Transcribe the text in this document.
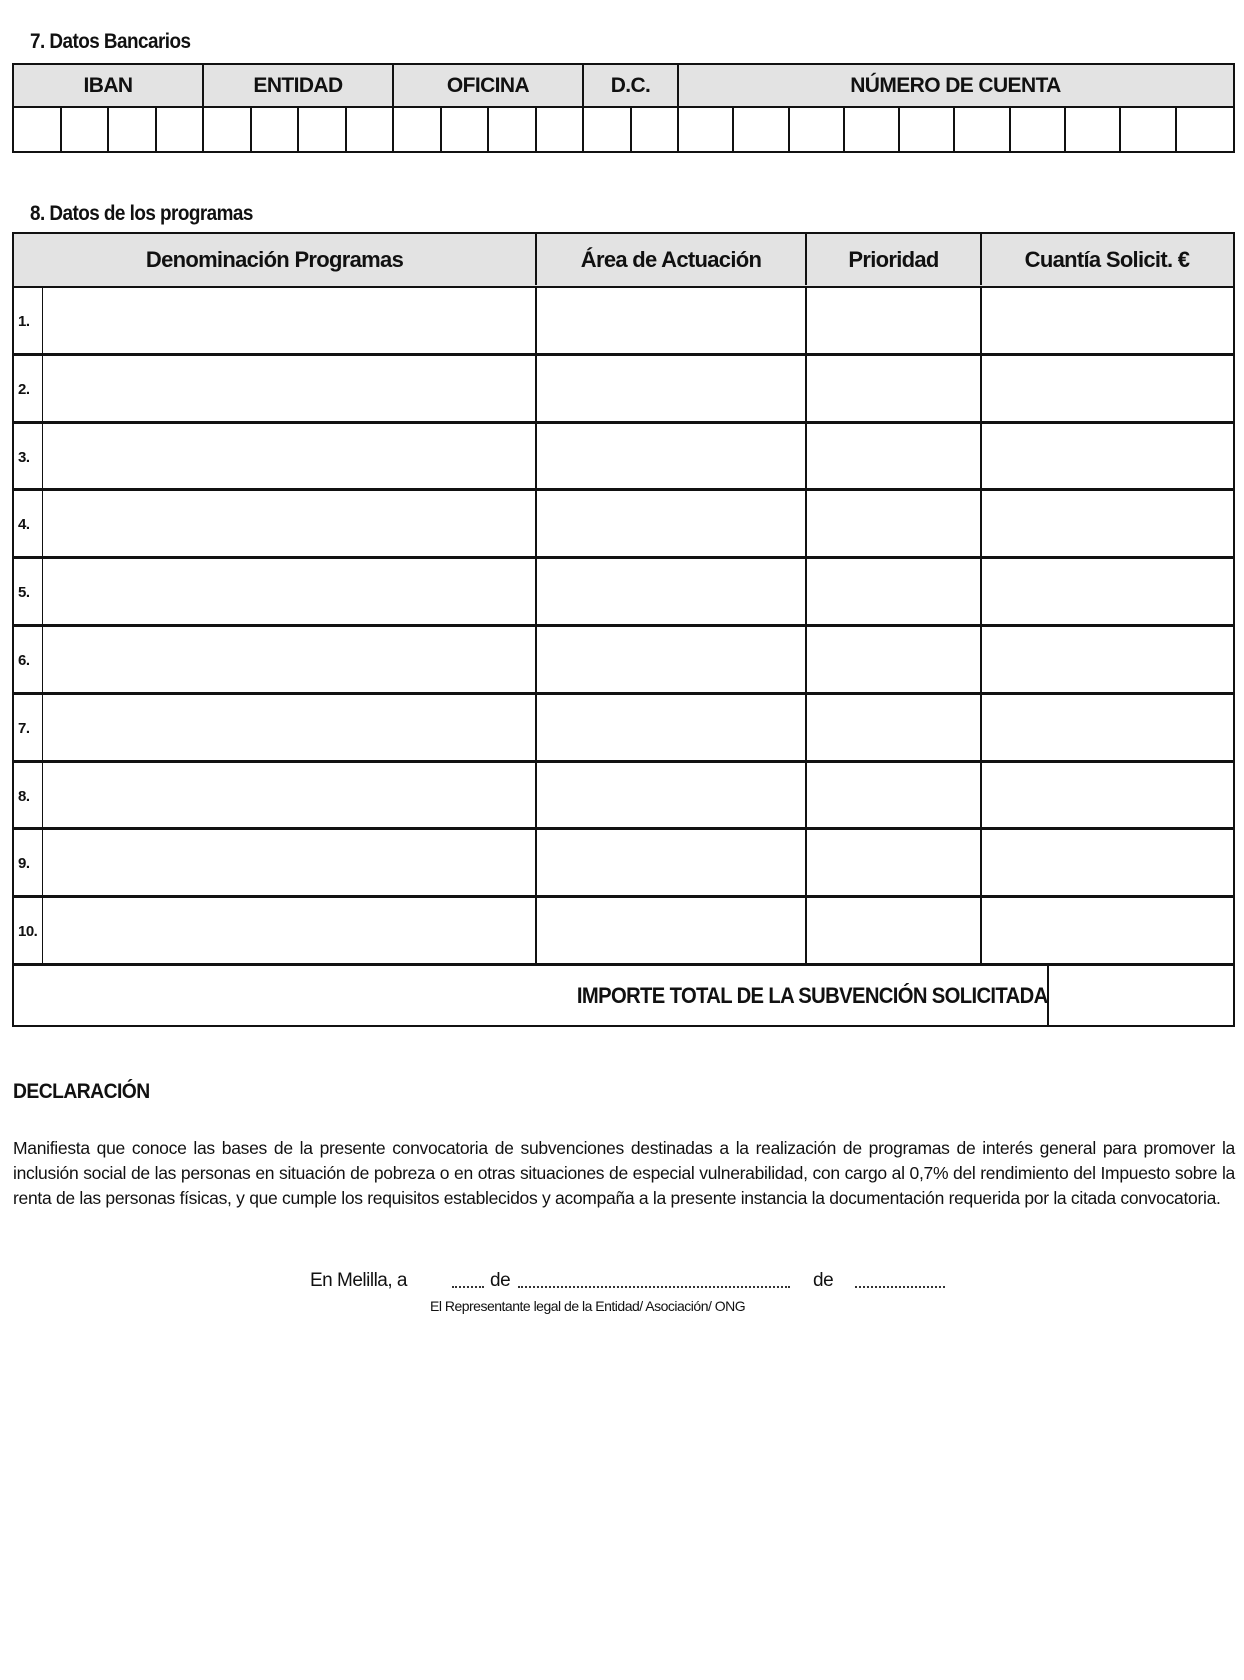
7. Datos Bancarios
IBAN	ENTIDAD	OFICINA	D.C.	NÚMERO DE CUENTA
8. Datos de los programas
Denominación Programas	Área de Actuación	Prioridad	Cuantía Solicit. €
1.
2.
3.
4.
5.
6.
7.
8.
9.
10.
IMPORTE TOTAL DE LA SUBVENCIÓN SOLICITADA
DECLARACIÓN
Manifiesta que conoce las bases de la presente convocatoria de subvenciones destinadas a la realización de programas de interés general para promover la inclusión social de las personas en situación de pobreza o en otras situaciones de especial vulnerabilidad, con cargo al 0,7% del rendimiento del Impuesto sobre la renta de las personas físicas, y que cumple los requisitos establecidos y acompaña a la presente instancia la documentación requerida por la citada convocatoria.
En Melilla, a	de	de
El Representante legal de la Entidad/ Asociación/ ONG
